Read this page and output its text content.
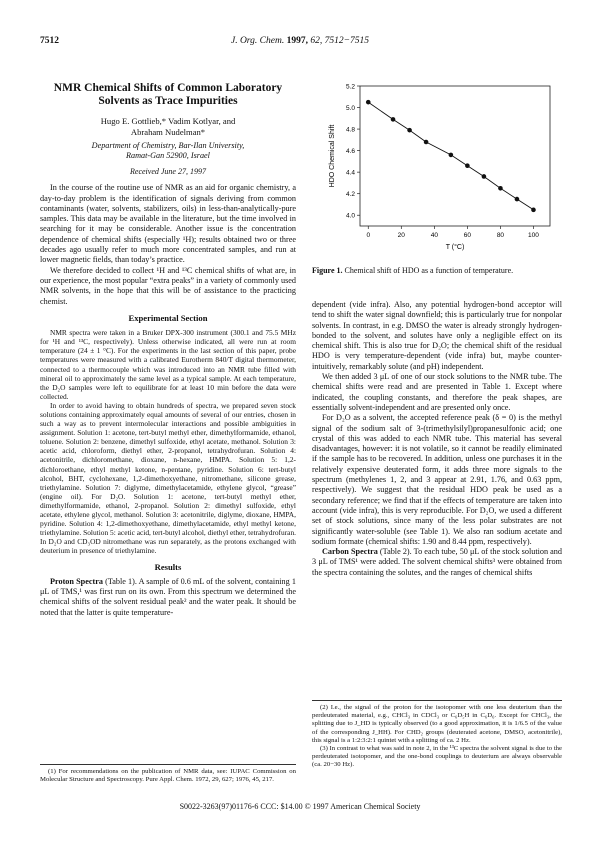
7512	J. Org. Chem. 1997, 62, 7512−7515
NMR Chemical Shifts of Common Laboratory Solvents as Trace Impurities
Hugo E. Gottlieb,* Vadim Kotlyar, and
Abraham Nudelman*
Department of Chemistry, Bar-Ilan University,
Ramat-Gan 52900, Israel
Received June 27, 1997

In the course of the routine use of NMR as an aid for organic chemistry, a day-to-day problem is the identification of signals deriving from common contaminants (water, solvents, stabilizers, oils) in less-than-analytically-pure samples. This data may be available in the literature, but the time involved in searching for it may be considerable. Another issue is the concentration dependence of chemical shifts (especially ¹H); results obtained two or three decades ago usually refer to much more concentrated samples, and run at lower magnetic fields, than today’s practice.

We therefore decided to collect ¹H and ¹³C chemical shifts of what are, in our experience, the most popular “extra peaks” in a variety of commonly used NMR solvents, in the hope that this will be of assistance to the practicing chemist.

Experimental Section

NMR spectra were taken in a Bruker DPX-300 instrument (300.1 and 75.5 MHz for ¹H and ¹³C, respectively). Unless otherwise indicated, all were run at room temperature (24 ± 1 °C). For the experiments in the last section of this paper, probe temperatures were measured with a calibrated Eurotherm 840/T digital thermometer, connected to a thermocouple which was introduced into an NMR tube filled with mineral oil to approximately the same level as a typical sample. At each temperature, the D₂O samples were left to equilibrate for at least 10 min before the data were collected.

In order to avoid having to obtain hundreds of spectra, we prepared seven stock solutions containing approximately equal amounts of several of our entries, chosen in such a way as to prevent intermolecular interactions and possible ambiguities in assignment. Solution 1: acetone, tert-butyl methyl ether, dimethylformamide, ethanol, toluene. Solution 2: benzene, dimethyl sulfoxide, ethyl acetate, methanol. Solution 3: acetic acid, chloroform, diethyl ether, 2-propanol, tetrahydrofuran. Solution 4: acetonitrile, dichloromethane, dioxane, n-hexane, HMPA. Solution 5: 1,2-dichloroethane, ethyl methyl ketone, n-pentane, pyridine. Solution 6: tert-butyl alcohol, BHT, cyclohexane, 1,2-dimethoxyethane, nitromethane, silicone grease, triethylamine. Solution 7: diglyme, dimethylacetamide, ethylene glycol, “grease” (engine oil). For D₂O. Solution 1: acetone, tert-butyl methyl ether, dimethylformamide, ethanol, 2-propanol. Solution 2: dimethyl sulfoxide, ethyl acetate, ethylene glycol, methanol. Solution 3: acetonitrile, diglyme, dioxane, HMPA, pyridine. Solution 4: 1,2-dimethoxyethane, dimethylacetamide, ethyl methyl ketone, triethylamine. Solution 5: acetic acid, tert-butyl alcohol, diethyl ether, tetrahydrofuran. In D₂O and CD₃OD nitromethane was run separately, as the protons exchanged with deuterium in presence of triethylamine.

Results

Proton Spectra (Table 1). A sample of 0.6 mL of the solvent, containing 1 μL of TMS,¹ was first run on its own. From this spectrum we determined the chemical shifts of the solvent residual peak² and the water peak. It should be noted that the latter is quite temperature-

(1) For recommendations on the publication of NMR data, see: IUPAC Commission on Molecular Structure and Spectroscopy. Pure Appl. Chem. 1972, 29, 627; 1976, 45, 217.

0	20	40	60	80	100
4.0
4.2
4.4
4.6
4.8
5.0
5.2
T (°C)
HDO Chemical Shift
Figure 1. Chemical shift of HDO as a function of temperature.

dependent (vide infra). Also, any potential hydrogen-bond acceptor will tend to shift the water signal downfield; this is particularly true for nonpolar solvents. In contrast, in e.g. DMSO the water is already strongly hydrogen-bonded to the solvent, and solutes have only a negligible effect on its chemical shift. This is also true for D₂O; the chemical shift of the residual HDO is very temperature-dependent (vide infra) but, maybe counter-intuitively, remarkably solute (and pH) independent.

We then added 3 μL of one of our stock solutions to the NMR tube. The chemical shifts were read and are presented in Table 1. Except where indicated, the coupling constants, and therefore the peak shapes, are essentially solvent-independent and are presented only once.

For D₂O as a solvent, the accepted reference peak (δ = 0) is the methyl signal of the sodium salt of 3-(trimethylsilyl)propanesulfonic acid; one crystal of this was added to each NMR tube. This material has several disadvantages, however: it is not volatile, so it cannot be readily eliminated if the sample has to be recovered. In addition, unless one purchases it in the relatively expensive deuterated form, it adds three more signals to the spectrum (methylenes 1, 2, and 3 appear at 2.91, 1.76, and 0.63 ppm, respectively). We suggest that the residual HDO peak be used as a secondary reference; we find that if the effects of temperature are taken into account (vide infra), this is very reproducible. For D₂O, we used a different set of stock solutions, since many of the less polar substrates are not significantly water-soluble (see Table 1). We also ran sodium acetate and sodium formate (chemical shifts: 1.90 and 8.44 ppm, respectively).

Carbon Spectra (Table 2). To each tube, 50 μL of the stock solution and 3 μL of TMS¹ were added. The solvent chemical shifts³ were obtained from the spectra containing the solutes, and the ranges of chemical shifts

(2) I.e., the signal of the proton for the isotopomer with one less deuterium than the perdeuterated material, e.g., CHCl₃ in CDCl₃ or C₆D₅H in C₆D₆. Except for CHCl₃, the splitting due to J_HD is typically observed (to a good approximation, it is 1/6.5 of the value of the corresponding J_HH). For CHD₂ groups (deuterated acetone, DMSO, acetonitrile), this signal is a 1:2:3:2:1 quintet with a splitting of ca. 2 Hz.

(3) In contrast to what was said in note 2, in the ¹³C spectra the solvent signal is due to the perdeuterated isotopomer, and the one-bond couplings to deuterium are always observable (ca. 20−30 Hz).

S0022-3263(97)01176-6 CCC: $14.00 © 1997 American Chemical Society
